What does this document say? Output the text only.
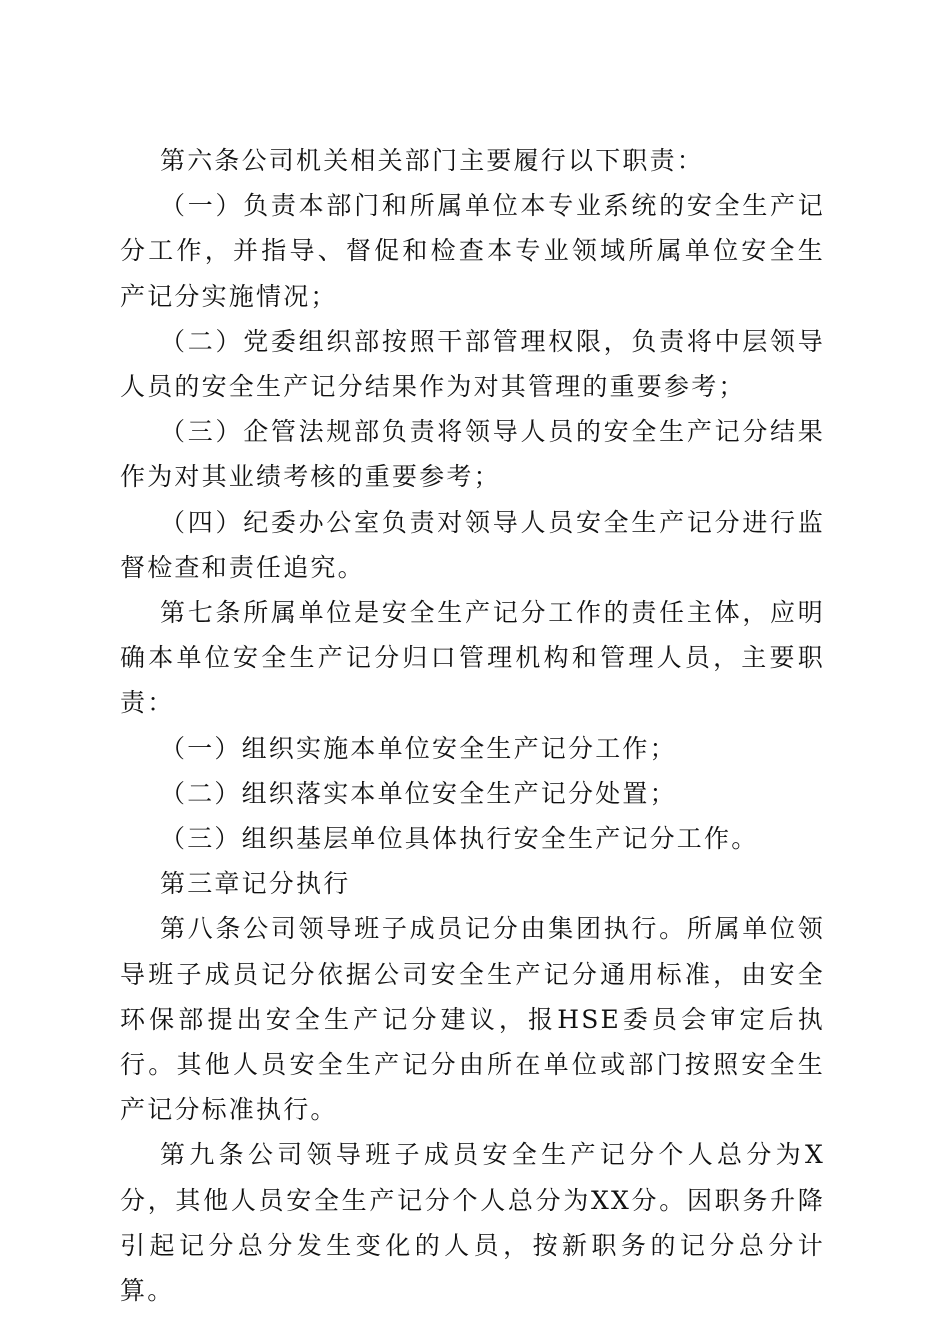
第六条公司机关相关部门主要履行以下职责：

（一）负责本部门和所属单位本专业系统的安全生产记分工作，并指导、督促和检查本专业领域所属单位安全生产记分实施情况；

（二）党委组织部按照干部管理权限，负责将中层领导人员的安全生产记分结果作为对其管理的重要参考；

（三）企管法规部负责将领导人员的安全生产记分结果作为对其业绩考核的重要参考；

（四）纪委办公室负责对领导人员安全生产记分进行监督检查和责任追究。

第七条所属单位是安全生产记分工作的责任主体，应明确本单位安全生产记分归口管理机构和管理人员，主要职责：

（一）组织实施本单位安全生产记分工作；

（二）组织落实本单位安全生产记分处置；

（三）组织基层单位具体执行安全生产记分工作。

第三章记分执行

第八条公司领导班子成员记分由集团执行。所属单位领导班子成员记分依据公司安全生产记分通用标准，由安全环保部提出安全生产记分建议，报HSE委员会审定后执行。其他人员安全生产记分由所在单位或部门按照安全生产记分标准执行。

第九条公司领导班子成员安全生产记分个人总分为X分，其他人员安全生产记分个人总分为XX分。因职务升降引起记分总分发生变化的人员，按新职务的记分总分计算。
